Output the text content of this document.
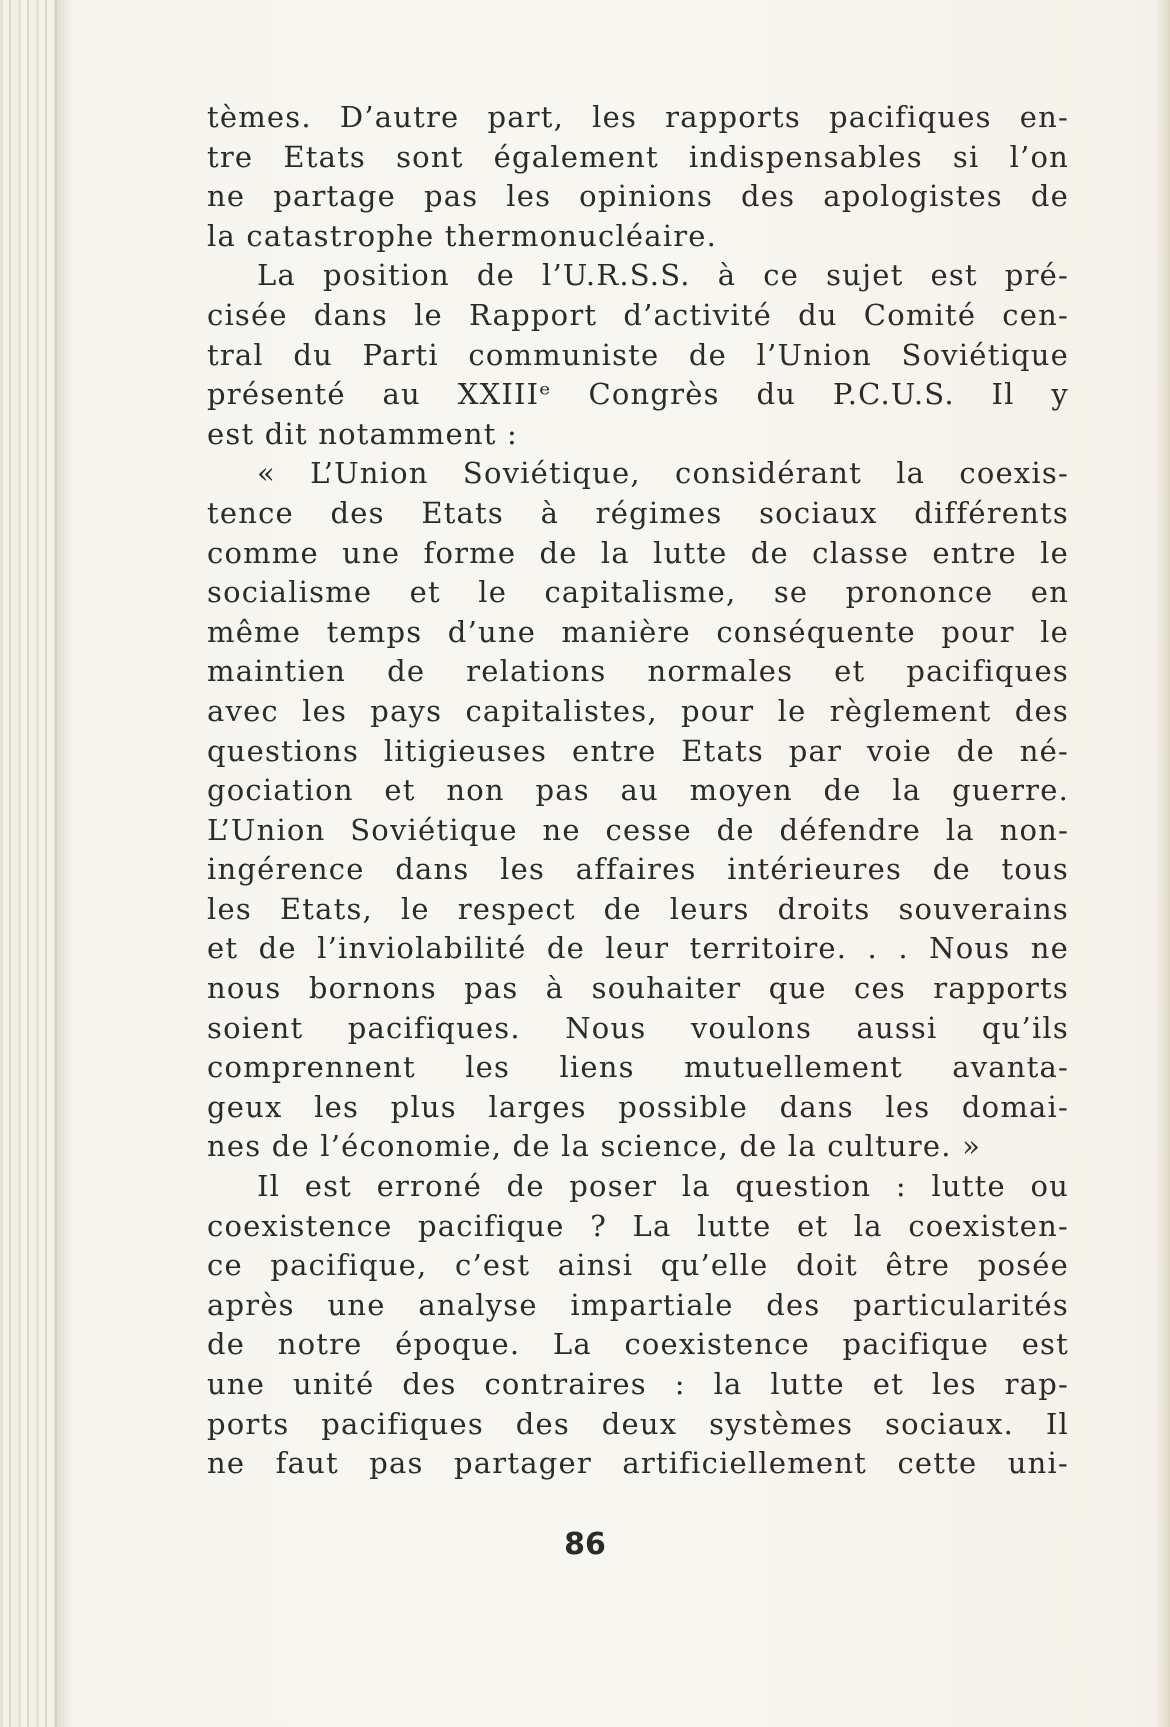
tèmes. D’autre part, les rapports pacifiques en-
tre Etats sont également indispensables si l’on
ne partage pas les opinions des apologistes de
la catastrophe thermonucléaire.
La position de l’U.R.S.S. à ce sujet est pré-
cisée dans le Rapport d’activité du Comité cen-
tral du Parti communiste de l’Union Soviétique
présenté au XXIIIᵉ Congrès du P.C.U.S. Il y
est dit notamment :
« L’Union Soviétique, considérant la coexis-
tence des Etats à régimes sociaux différents
comme une forme de la lutte de classe entre le
socialisme et le capitalisme, se prononce en
même temps d’une manière conséquente pour le
maintien de relations normales et pacifiques
avec les pays capitalistes, pour le règlement des
questions litigieuses entre Etats par voie de né-
gociation et non pas au moyen de la guerre.
L’Union Soviétique ne cesse de défendre la non-
ingérence dans les affaires intérieures de tous
les Etats, le respect de leurs droits souverains
et de l’inviolabilité de leur territoire. . . Nous ne
nous bornons pas à souhaiter que ces rapports
soient pacifiques. Nous voulons aussi qu’ils
comprennent les liens mutuellement avanta-
geux les plus larges possible dans les domai-
nes de l’économie, de la science, de la culture. »
Il est erroné de poser la question : lutte ou
coexistence pacifique ? La lutte et la coexisten-
ce pacifique, c’est ainsi qu’elle doit être posée
après une analyse impartiale des particularités
de notre époque. La coexistence pacifique est
une unité des contraires : la lutte et les rap-
ports pacifiques des deux systèmes sociaux. Il
ne faut pas partager artificiellement cette uni-
86
